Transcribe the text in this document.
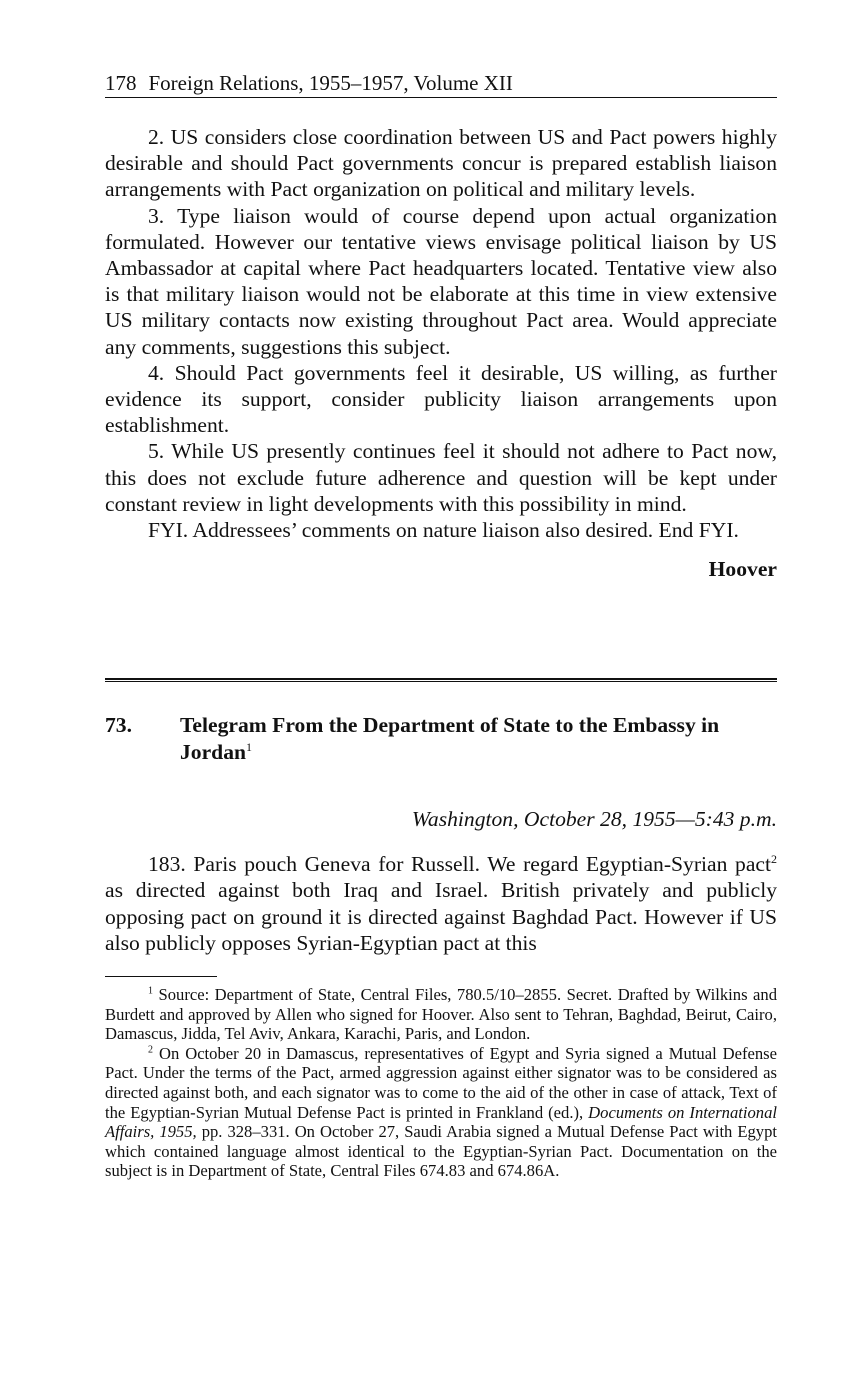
178 Foreign Relations, 1955–1957, Volume XII

2. US considers close coordination between US and Pact powers highly desirable and should Pact governments concur is prepared establish liaison arrangements with Pact organization on political and military levels.

3. Type liaison would of course depend upon actual organization formulated. However our tentative views envisage political liaison by US Ambassador at capital where Pact headquarters located. Tentative view also is that military liaison would not be elaborate at this time in view extensive US military contacts now existing throughout Pact area. Would appreciate any comments, suggestions this subject.

4. Should Pact governments feel it desirable, US willing, as further evidence its support, consider publicity liaison arrangements upon establishment.

5. While US presently continues feel it should not adhere to Pact now, this does not exclude future adherence and question will be kept under constant review in light developments with this possibility in mind.

FYI. Addressees’ comments on nature liaison also desired. End FYI.

Hoover
73.	Telegram From the Department of State to the Embassy in Jordan$^1$
Washington, October 28, 1955—5:43 p.m.

183. Paris pouch Geneva for Russell. We regard Egyptian-Syrian pact$^2$ as directed against both Iraq and Israel. British privately and publicly opposing pact on ground it is directed against Baghdad Pact. However if US also publicly opposes Syrian-Egyptian pact at this

$^1$ Source: Department of State, Central Files, 780.5/10–2855. Secret. Drafted by Wilkins and Burdett and approved by Allen who signed for Hoover. Also sent to Tehran, Baghdad, Beirut, Cairo, Damascus, Jidda, Tel Aviv, Ankara, Karachi, Paris, and London.

$^2$ On October 20 in Damascus, representatives of Egypt and Syria signed a Mutual Defense Pact. Under the terms of the Pact, armed aggression against either signator was to be considered as directed against both, and each signator was to come to the aid of the other in case of attack, Text of the Egyptian-Syrian Mutual Defense Pact is printed in Frankland (ed.), Documents on International Affairs, 1955, pp. 328–331. On October 27, Saudi Arabia signed a Mutual Defense Pact with Egypt which contained language almost identical to the Egyptian-Syrian Pact. Documentation on the subject is in Department of State, Central Files 674.83 and 674.86A.
